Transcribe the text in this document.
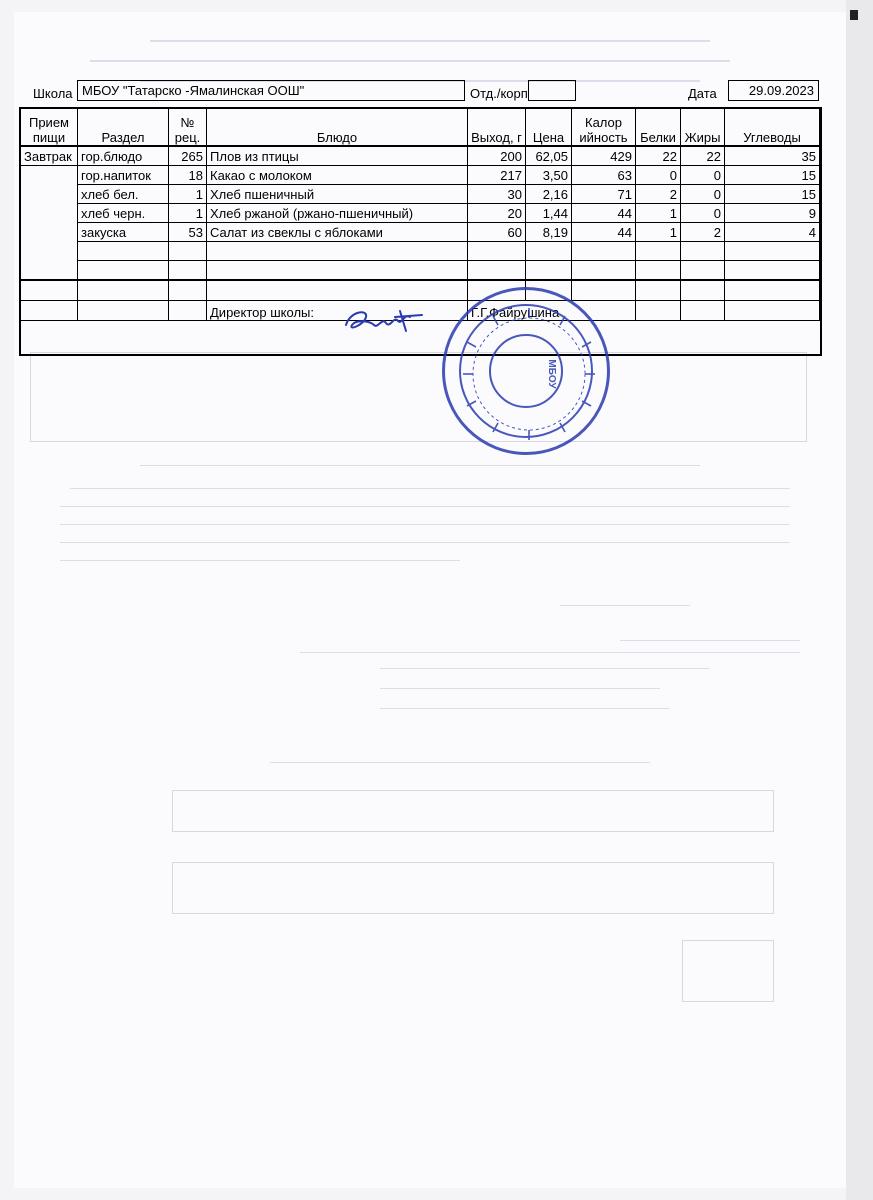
Школа МБОУ "Татарско -Ямалинская ООШ"	Отд./корп	Дата	29.09.2023
Прием пищи	Раздел	№ рец.	Блюдо	Выход, г	Цена	Калор ийность	Белки	Жиры	Углеводы
Завтрак	гор.блюдо	265	Плов из птицы	200	62,05	429	22	22	35
	гор.напиток	18	Какао с молоком	217	3,50	63	0	0	15
	хлеб бел.	1	Хлеб пшеничный	30	2,16	71	2	0	15
	хлеб черн.	1	Хлеб ржаной (ржано-пшеничный)	20	1,44	44	1	0	9
	закуска	53	Салат из свеклы с яблоками	60	8,19	44	1	2	4

			Директор школы:	Г.Г.Файрушина					
МБОУ
